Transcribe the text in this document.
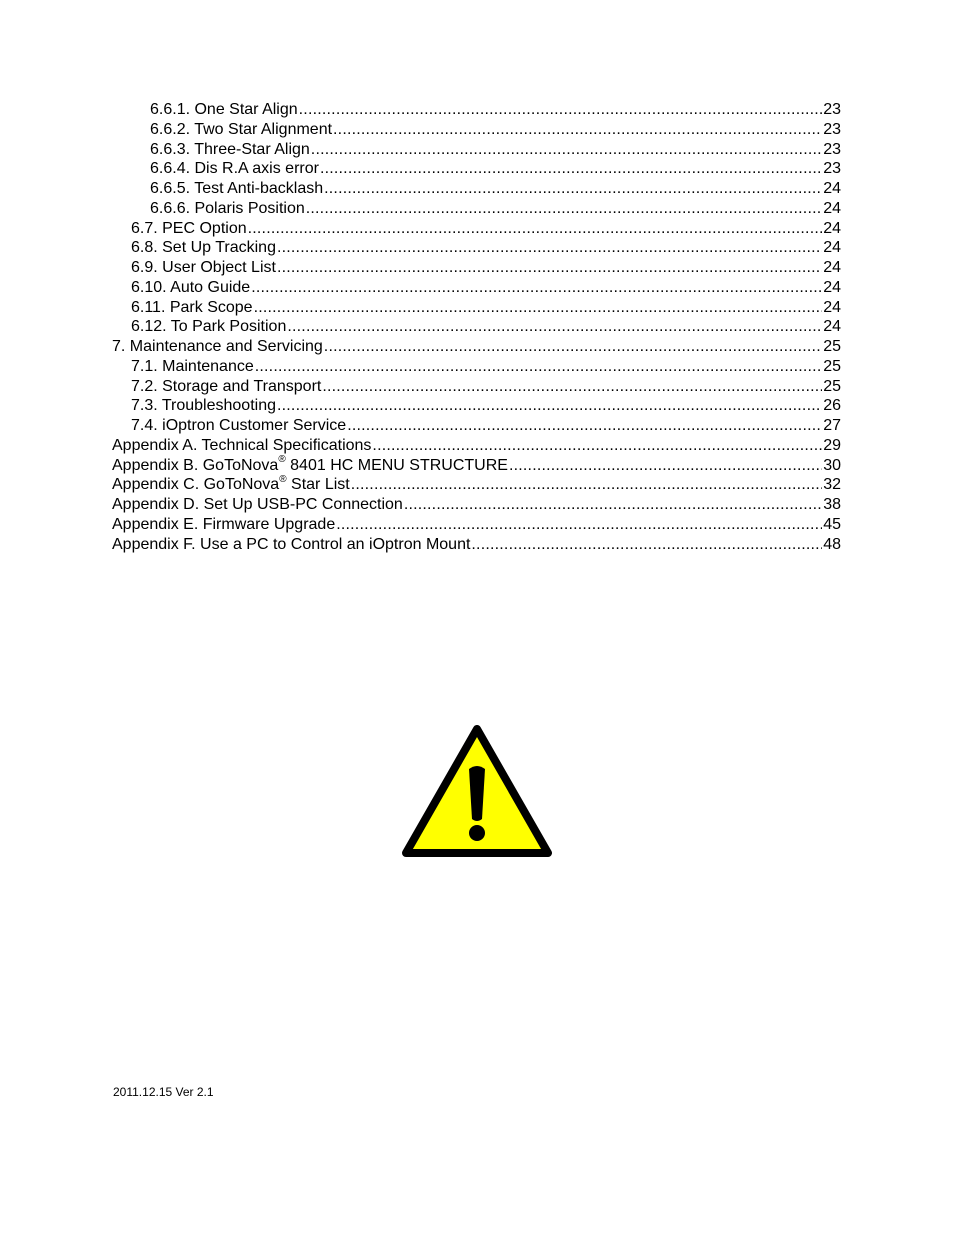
6.6.1. One Star Align .....	23
6.6.2. Two Star Alignment .....	23
6.6.3. Three-Star Align .....	23
6.6.4. Dis R.A axis error .....	23
6.6.5. Test Anti-backlash .....	24
6.6.6. Polaris Position .....	24
6.7. PEC Option .....	24
6.8. Set Up Tracking .....	24
6.9. User Object List .....	24
6.10. Auto Guide .....	24
6.11. Park Scope .....	24
6.12. To Park Position .....	24
7. Maintenance and Servicing .....	25
7.1. Maintenance .....	25
7.2. Storage and Transport .....	25
7.3. Troubleshooting .....	26
7.4. iOptron Customer Service .....	27
Appendix A. Technical Specifications .....	29
Appendix B. GoToNova® 8401 HC MENU STRUCTURE .....	30
Appendix C. GoToNova® Star List .....	32
Appendix D. Set Up USB-PC Connection .....	38
Appendix E. Firmware Upgrade .....	45
Appendix F. Use a PC to Control an iOptron Mount .....	48
2011.12.15 Ver 2.1
